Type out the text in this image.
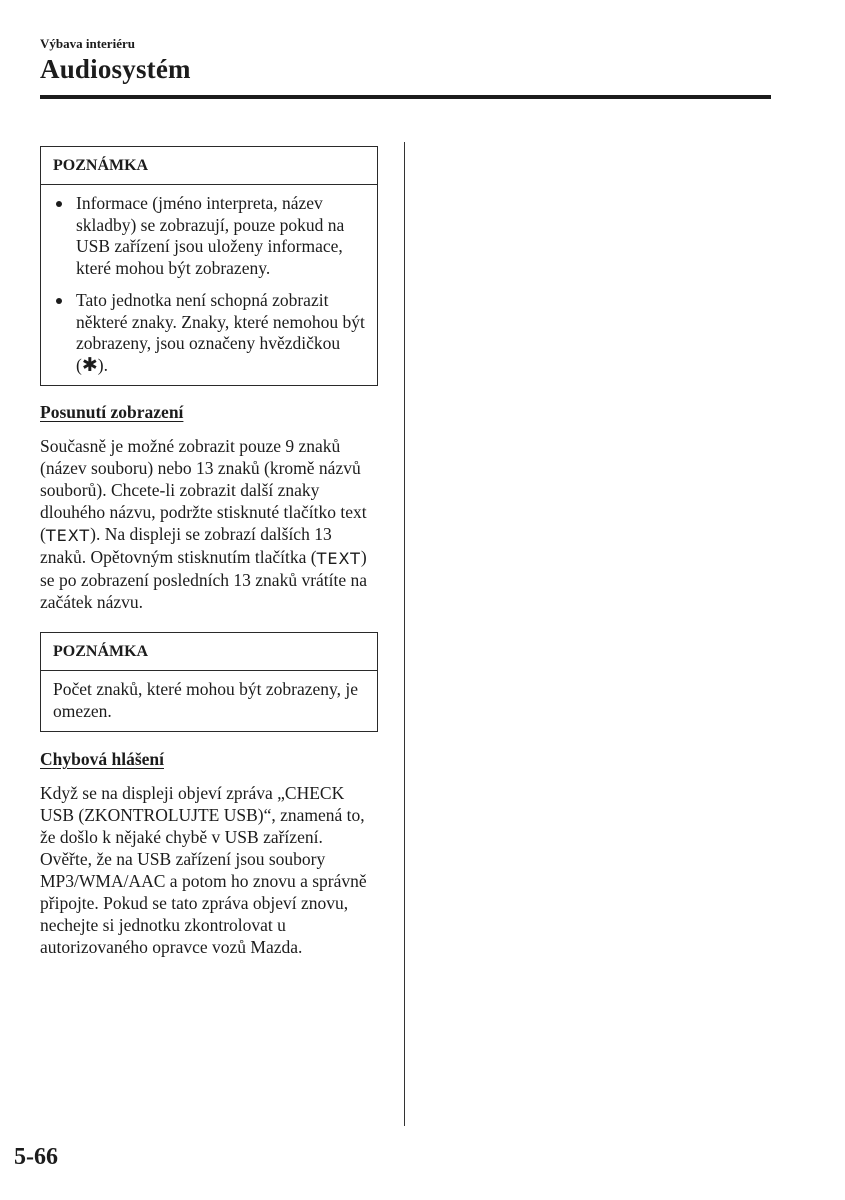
Výbava interiéru
Audiosystém
POZNÁMKA
Informace (jméno interpreta, název skladby) se zobrazují, pouze pokud na USB zařízení jsou uloženy informace, které mohou být zobrazeny.
Tato jednotka není schopná zobrazit některé znaky. Znaky, které nemohou být zobrazeny, jsou označeny hvězdičkou (✱).
Posunutí zobrazení

Současně je možné zobrazit pouze 9 znaků (název souboru) nebo 13 znaků (kromě názvů souborů). Chcete-li zobrazit další znaky dlouhého názvu, podržte stisknuté tlačítko text (TEXT). Na displeji se zobrazí dalších 13 znaků. Opětovným stisknutím tlačítka (TEXT) se po zobrazení posledních 13 znaků vrátíte na začátek názvu.

POZNÁMKA
Počet znaků, které mohou být zobrazeny, je omezen.
Chybová hlášení

Když se na displeji objeví zpráva „CHECK USB (ZKONTROLUJTE USB)“, znamená to, že došlo k nějaké chybě v USB zařízení. Ověřte, že na USB zařízení jsou soubory MP3/WMA/AAC a potom ho znovu a správně připojte. Pokud se tato zpráva objeví znovu, nechejte si jednotku zkontrolovat u autorizovaného opravce vozů Mazda.

5-66
